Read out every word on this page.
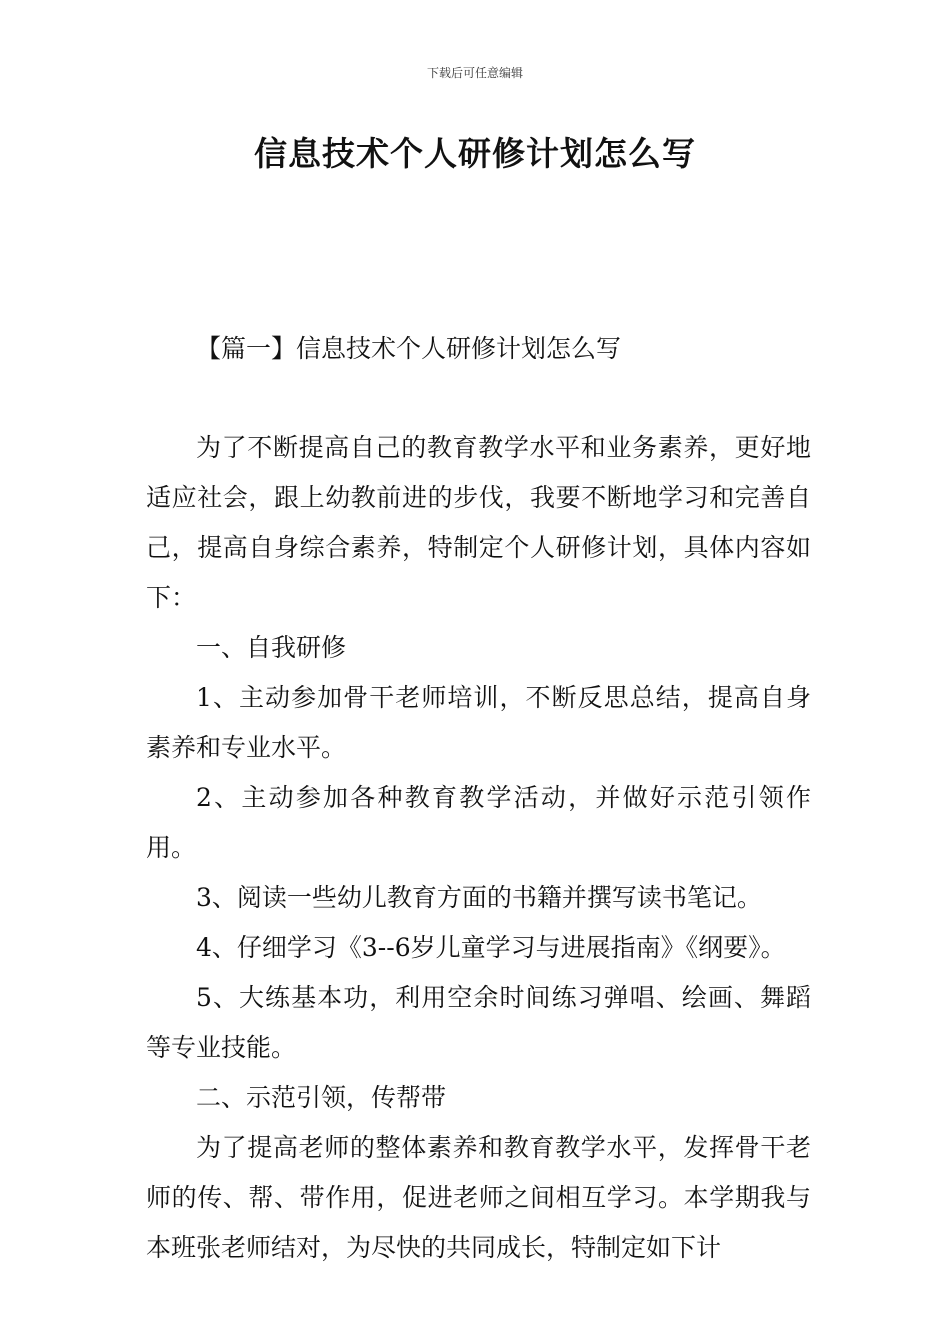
下载后可任意编辑
信息技术个人研修计划怎么写
【篇一】信息技术个人研修计划怎么写

为了不断提高自己的教育教学水平和业务素养，更好地适应社会，跟上幼教前进的步伐，我要不断地学习和完善自己，提高自身综合素养，特制定个人研修计划，具体内容如下：

一、自我研修

1、主动参加骨干老师培训，不断反思总结，提高自身素养和专业水平。

2、主动参加各种教育教学活动，并做好示范引领作用。

3、阅读一些幼儿教育方面的书籍并撰写读书笔记。

4、仔细学习《3--6岁儿童学习与进展指南》《纲要》。

5、大练基本功，利用空余时间练习弹唱、绘画、舞蹈等专业技能。

二、示范引领，传帮带

为了提高老师的整体素养和教育教学水平，发挥骨干老师的传、帮、带作用，促进老师之间相互学习。本学期我与本班张老师结对，为尽快的共同成长，特制定如下计
